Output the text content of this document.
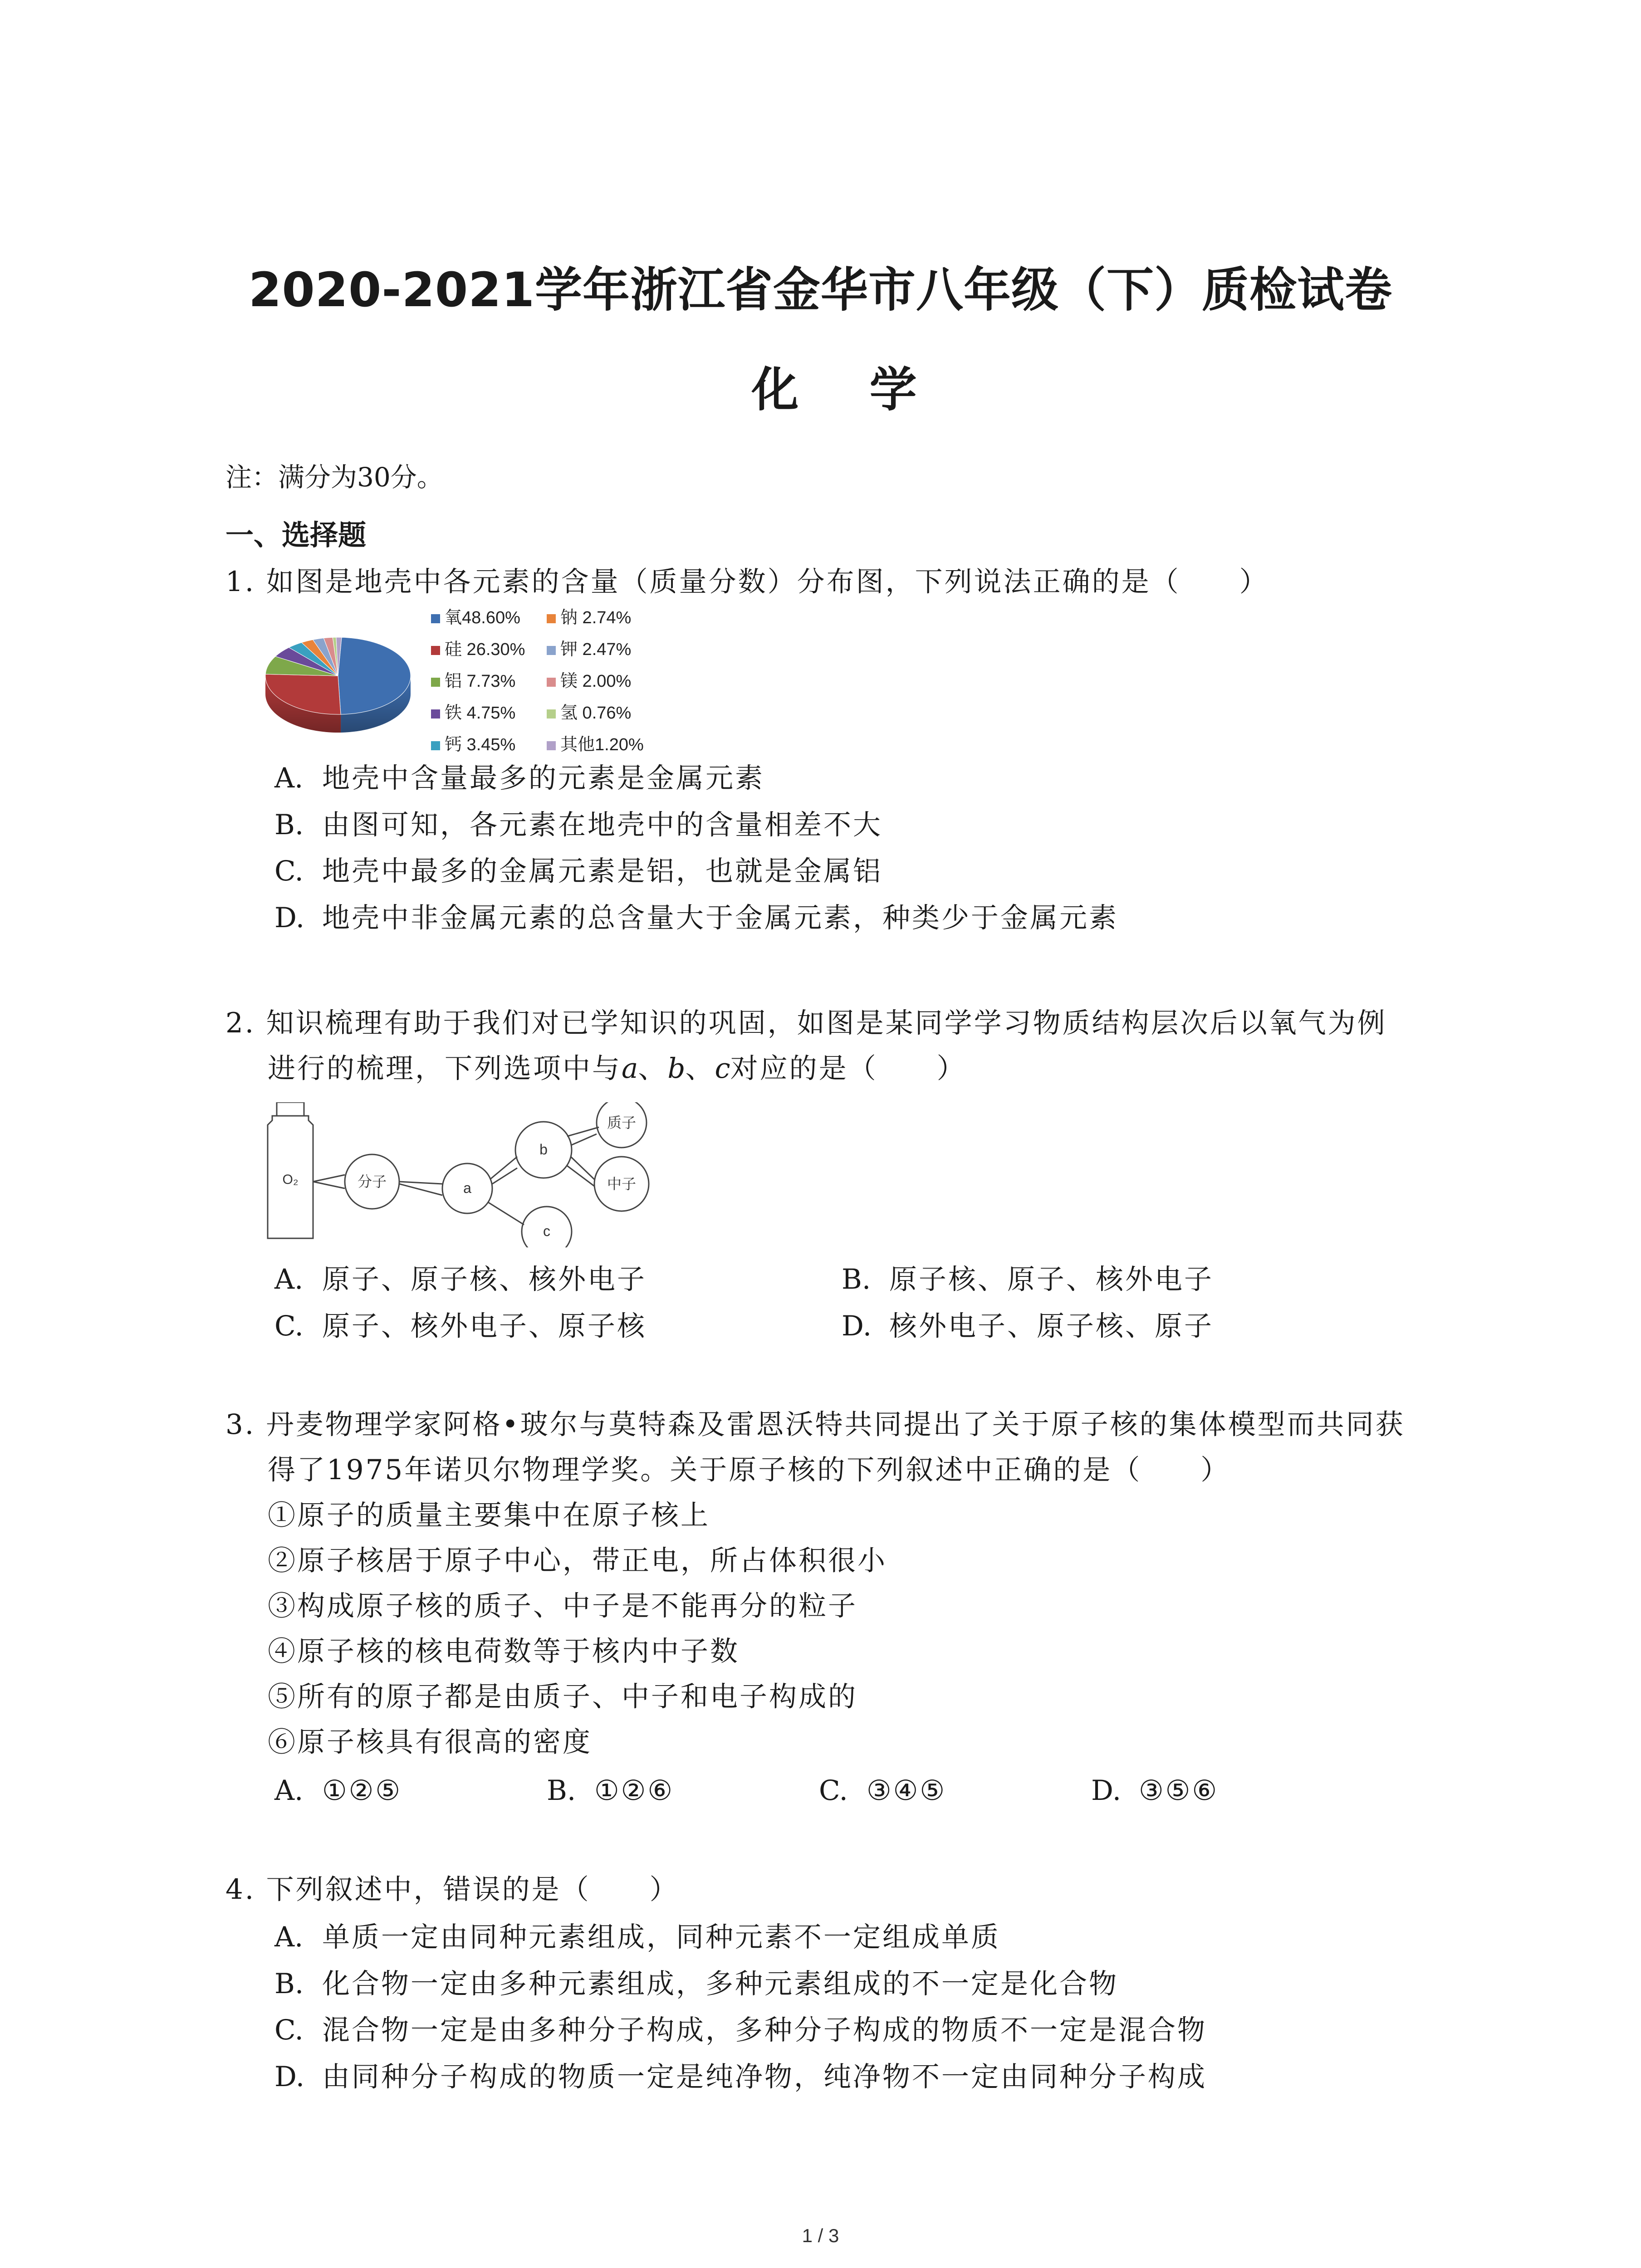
2020-2021学年浙江省金华市八年级（下）质检试卷
化 学
注：满分为30分。
一、选择题
1. 如图是地壳中各元素的含量（质量分数）分布图，下列说法正确的是（　　）
氧48.60%	钠 2.74%
硅 26.30%	钾 2.47%
铝 7.73%	镁 2.00%
铁 4.75%	氢 0.76%
钙 3.45%	其他1.20%
A. 地壳中含量最多的元素是金属元素
B. 由图可知，各元素在地壳中的含量相差不大
C. 地壳中最多的金属元素是铝，也就是金属铝
D. 地壳中非金属元素的总含量大于金属元素，种类少于金属元素
2. 知识梳理有助于我们对已学知识的巩固，如图是某同学学习物质结构层次后以氧气为例
进行的梳理，下列选项中与a、b、c对应的是（　　）
O₂	分子	a
b
c
质子
中子
A. 原子、原子核、核外电子	B. 原子核、原子、核外电子
C. 原子、核外电子、原子核	D. 核外电子、原子核、原子
3. 丹麦物理学家阿格•玻尔与莫特森及雷恩沃特共同提出了关于原子核的集体模型而共同获
得了1975年诺贝尔物理学奖。关于原子核的下列叙述中正确的是（　　）
①原子的质量主要集中在原子核上
②原子核居于原子中心，带正电，所占体积很小
③构成原子核的质子、中子是不能再分的粒子
④原子核的核电荷数等于核内中子数
⑤所有的原子都是由质子、中子和电子构成的
⑥原子核具有很高的密度
A. ①②⑤	B. ①②⑥	C. ③④⑤	D. ③⑤⑥
4. 下列叙述中，错误的是（　　）
A. 单质一定由同种元素组成，同种元素不一定组成单质
B. 化合物一定由多种元素组成，多种元素组成的不一定是化合物
C. 混合物一定是由多种分子构成，多种分子构成的物质不一定是混合物
D. 由同种分子构成的物质一定是纯净物，纯净物不一定由同种分子构成
1 / 3
